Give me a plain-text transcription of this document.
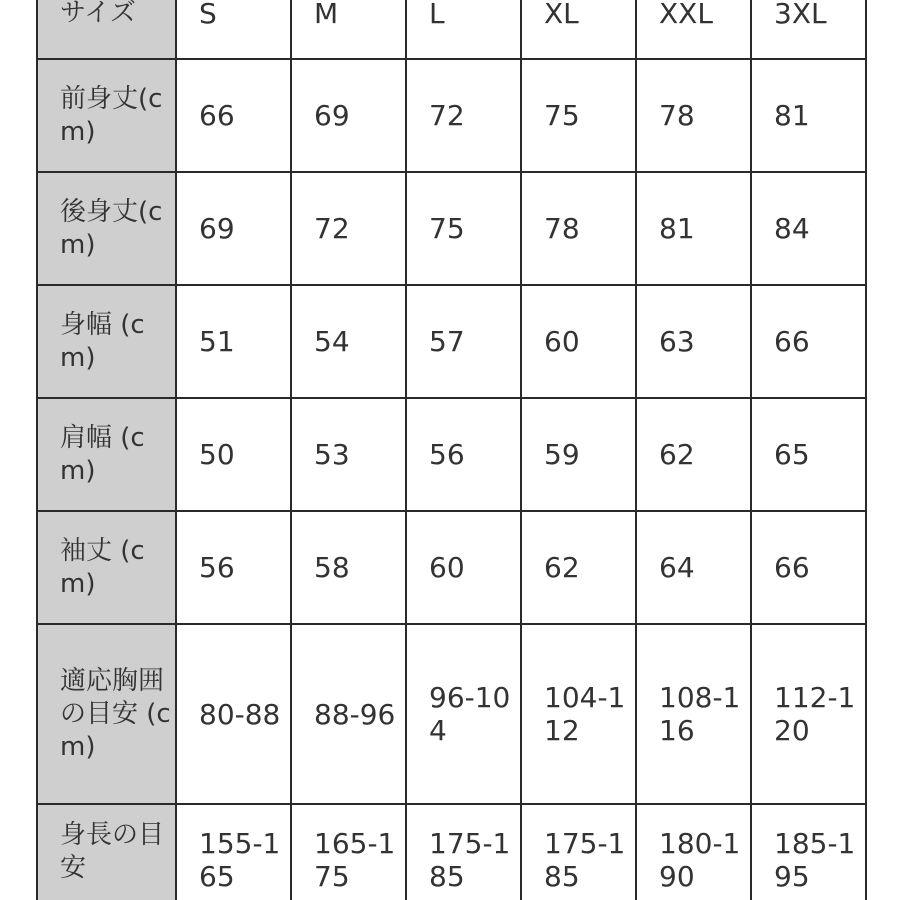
サイズ	S	M	L	XL	XXL	3XL
前身丈(cm)	66	69	72	75	78	81
後身丈(cm)	69	72	75	78	81	84
身幅 (cm)	51	54	57	60	63	66
肩幅 (cm)	50	53	56	59	62	65
袖丈 (cm)	56	58	60	62	64	66
適応胸囲の目安 (cm)	80-88	88-96	96-104	104-112	108-116	112-120
身長の目安	155-165	165-175	175-185	175-185	180-190	185-195
